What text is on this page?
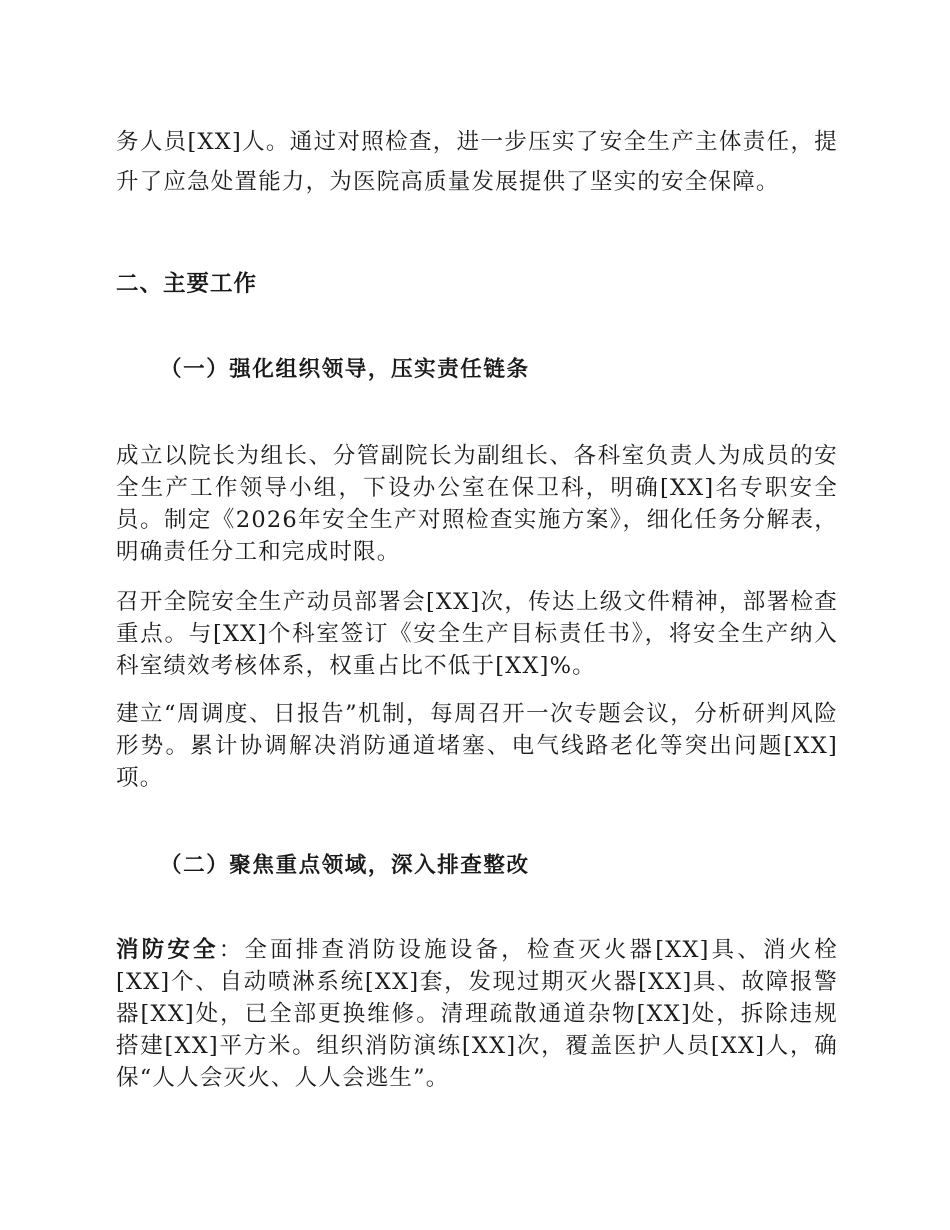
务人员[XX]人。通过对照检查，进一步压实了安全生产主体责任，提升了应急处置能力，为医院高质量发展提供了坚实的安全保障。

二、主要工作
（一）强化组织领导，压实责任链条

成立以院长为组长、分管副院长为副组长、各科室负责人为成员的安全生产工作领导小组，下设办公室在保卫科，明确[XX]名专职安全员。制定《2026年安全生产对照检查实施方案》，细化任务分解表，明确责任分工和完成时限。

召开全院安全生产动员部署会[XX]次，传达上级文件精神，部署检查重点。与[XX]个科室签订《安全生产目标责任书》，将安全生产纳入科室绩效考核体系，权重占比不低于[XX]%。

建立“周调度、日报告”机制，每周召开一次专题会议，分析研判风险形势。累计协调解决消防通道堵塞、电气线路老化等突出问题[XX]项。

（二）聚焦重点领域，深入排查整改

消防安全：全面排查消防设施设备，检查灭火器[XX]具、消火栓[XX]个、自动喷淋系统[XX]套，发现过期灭火器[XX]具、故障报警器[XX]处，已全部更换维修。清理疏散通道杂物[XX]处，拆除违规搭建[XX]平方米。组织消防演练[XX]次，覆盖医护人员[XX]人，确保“人人会灭火、人人会逃生”。
